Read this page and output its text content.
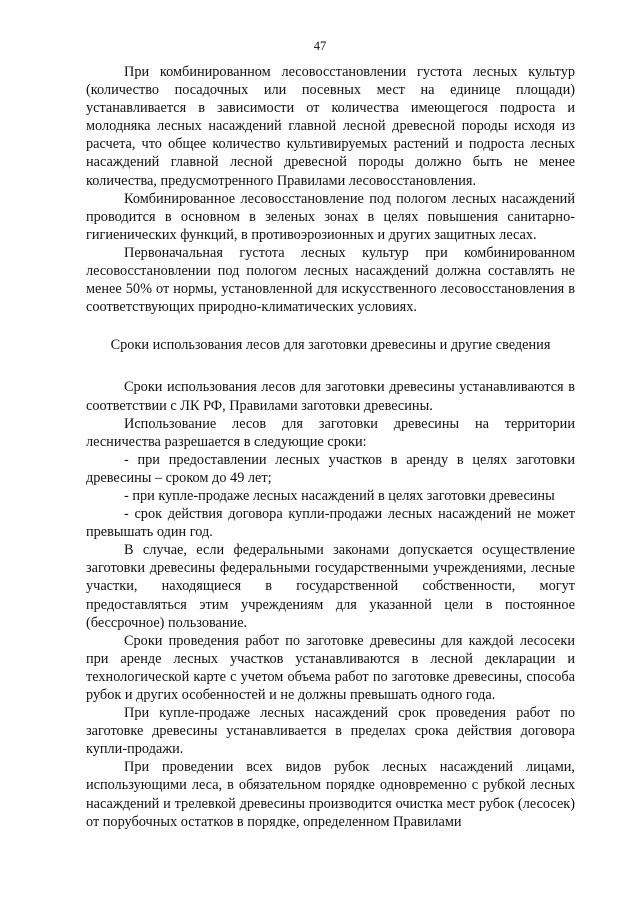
47

При комбинированном лесовосстановлении густота лесных культур (количество посадочных или посевных мест на единице площади) устанавливается в зависимости от количества имеющегося подроста и молодняка лесных насаждений главной лесной древесной породы исходя из расчета, что общее количество культивируемых растений и подроста лесных насаждений главной лесной древесной породы должно быть не менее количества, предусмотренного Правилами лесовосстановления.

Комбинированное лесовосстановление под пологом лесных насаждений проводится в основном в зеленых зонах в целях повышения санитарно-гигиенических функций, в противоэрозионных и других защитных лесах.

Первоначальная густота лесных культур при комбинированном лесовосстановлении под пологом лесных насаждений должна составлять не менее 50% от нормы, установленной для искусственного лесовосстановления в соответствующих природно-климатических условиях.

Сроки использования лесов для заготовки древесины и другие сведения

Сроки использования лесов для заготовки древесины устанавливаются в соответствии с ЛК РФ, Правилами заготовки древесины.

Использование лесов для заготовки древесины на территории лесничества разрешается в следующие сроки:

- при предоставлении лесных участков в аренду в целях заготовки древесины – сроком до 49 лет;

- при купле-продаже лесных насаждений в целях заготовки древесины

- срок действия договора купли-продажи лесных насаждений не может превышать один год.

В случае, если федеральными законами допускается осуществление заготовки древесины федеральными государственными учреждениями, лесные участки, находящиеся в государственной собственности, могут предоставляться этим учреждениям для указанной цели в постоянное (бессрочное) пользование.

Сроки проведения работ по заготовке древесины для каждой лесосеки при аренде лесных участков устанавливаются в лесной декларации и технологической карте с учетом объема работ по заготовке древесины, способа рубок и других особенностей и не должны превышать одного года.

При купле-продаже лесных насаждений срок проведения работ по заготовке древесины устанавливается в пределах срока действия договора купли-продажи.

При проведении всех видов рубок лесных насаждений лицами, использующими леса, в обязательном порядке одновременно с рубкой лесных насаждений и трелевкой древесины производится очистка мест рубок (лесосек) от порубочных остатков в порядке, определенном Правилами
